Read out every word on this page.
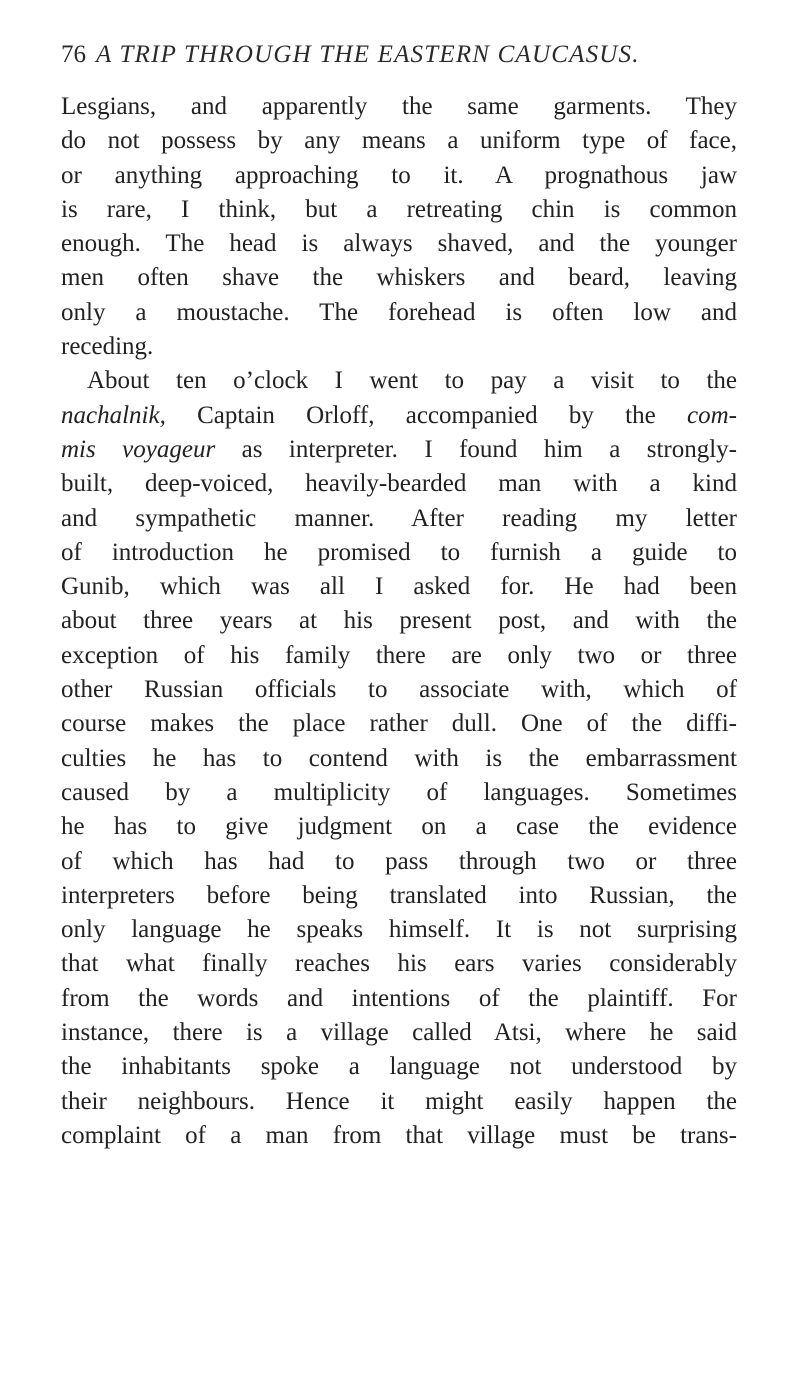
76 A TRIP THROUGH THE EASTERN CAUCASUS.
Lesgians, and apparently the same garments. They
do not possess by any means a uniform type of face,
or anything approaching to it. A prognathous jaw
is rare, I think, but a retreating chin is common
enough. The head is always shaved, and the younger
men often shave the whiskers and beard, leaving
only a moustache. The forehead is often low and
receding.
About ten o’clock I went to pay a visit to the
nachalnik, Captain Orloff, accompanied by the com-
mis voyageur as interpreter. I found him a strongly-
built, deep-voiced, heavily-bearded man with a kind
and sympathetic manner. After reading my letter
of introduction he promised to furnish a guide to
Gunib, which was all I asked for. He had been
about three years at his present post, and with the
exception of his family there are only two or three
other Russian officials to associate with, which of
course makes the place rather dull. One of the diffi-
culties he has to contend with is the embarrassment
caused by a multiplicity of languages. Sometimes
he has to give judgment on a case the evidence
of which has had to pass through two or three
interpreters before being translated into Russian, the
only language he speaks himself. It is not surprising
that what finally reaches his ears varies considerably
from the words and intentions of the plaintiff. For
instance, there is a village called Atsi, where he said
the inhabitants spoke a language not understood by
their neighbours. Hence it might easily happen the
complaint of a man from that village must be trans-
